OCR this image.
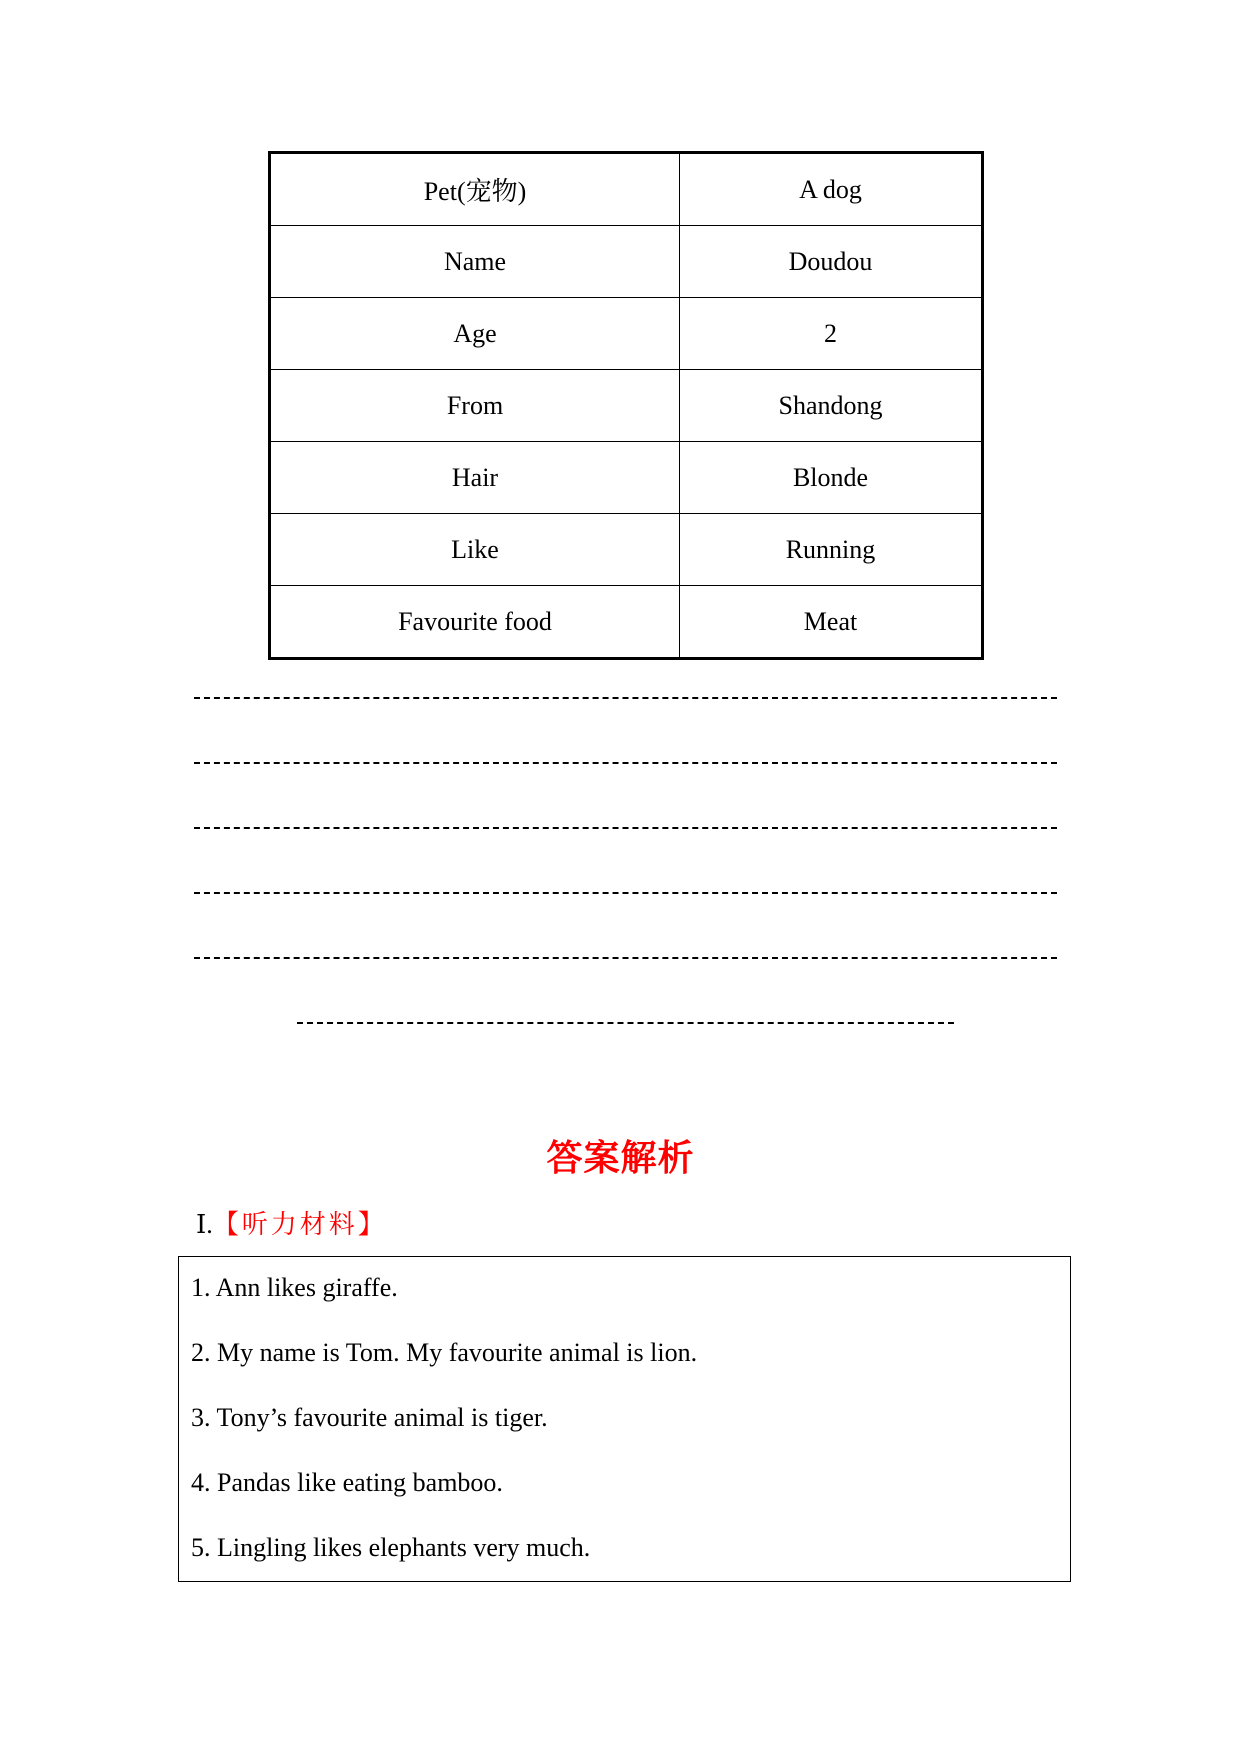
Pet(宠物)	A dog
Name	Doudou
Age	2
From	Shandong
Hair	Blonde
Like	Running
Favourite food	Meat
答案解析
Ⅰ.【听力材料】
1. Ann likes giraffe.
2. My name is Tom. My favourite animal is lion.
3. Tony’s favourite animal is tiger.
4. Pandas like eating bamboo.
5. Lingling likes elephants very much.
